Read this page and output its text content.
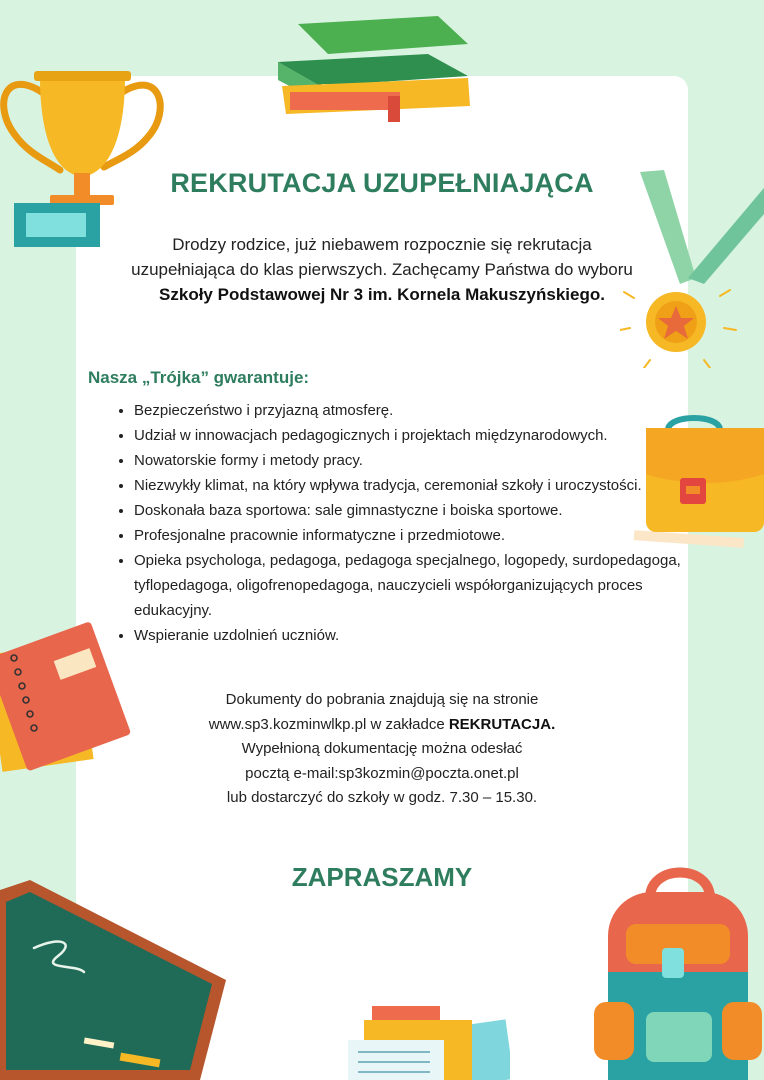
REKRUTACJA UZUPEŁNIAJĄCA
Drodzy rodzice, już niebawem rozpocznie się rekrutacja
uzupełniająca do klas pierwszych. Zachęcamy Państwa do wyboru
Szkoły Podstawowej Nr 3 im. Kornela Makuszyńskiego.
Nasza „Trójka” gwarantuje:
• Bezpieczeństwo i przyjazną atmosferę.
• Udział w innowacjach pedagogicznych i projektach międzynarodowych.
• Nowatorskie formy i metody pracy.
• Niezwykły klimat, na który wpływa tradycja, ceremoniał szkoły i uroczystości.
• Doskonała baza sportowa: sale gimnastyczne i boiska sportowe.
• Profesjonalne pracownie informatyczne i przedmiotowe.
• Opieka psychologa, pedagoga, pedagoga specjalnego, logopedy, surdopedagoga, tyflopedagoga, oligofrenopedagoga, nauczycieli współorganizujących proces edukacyjny.
• Wspieranie uzdolnień uczniów.
Dokumenty do pobrania znajdują się na stronie
www.sp3.kozminwlkp.pl w zakładce REKRUTACJA.
Wypełnioną dokumentację można odesłać
pocztą e-mail:sp3kozmin@poczta.onet.pl
lub dostarczyć do szkoły w godz. 7.30 – 15.30.
ZAPRASZAMY
